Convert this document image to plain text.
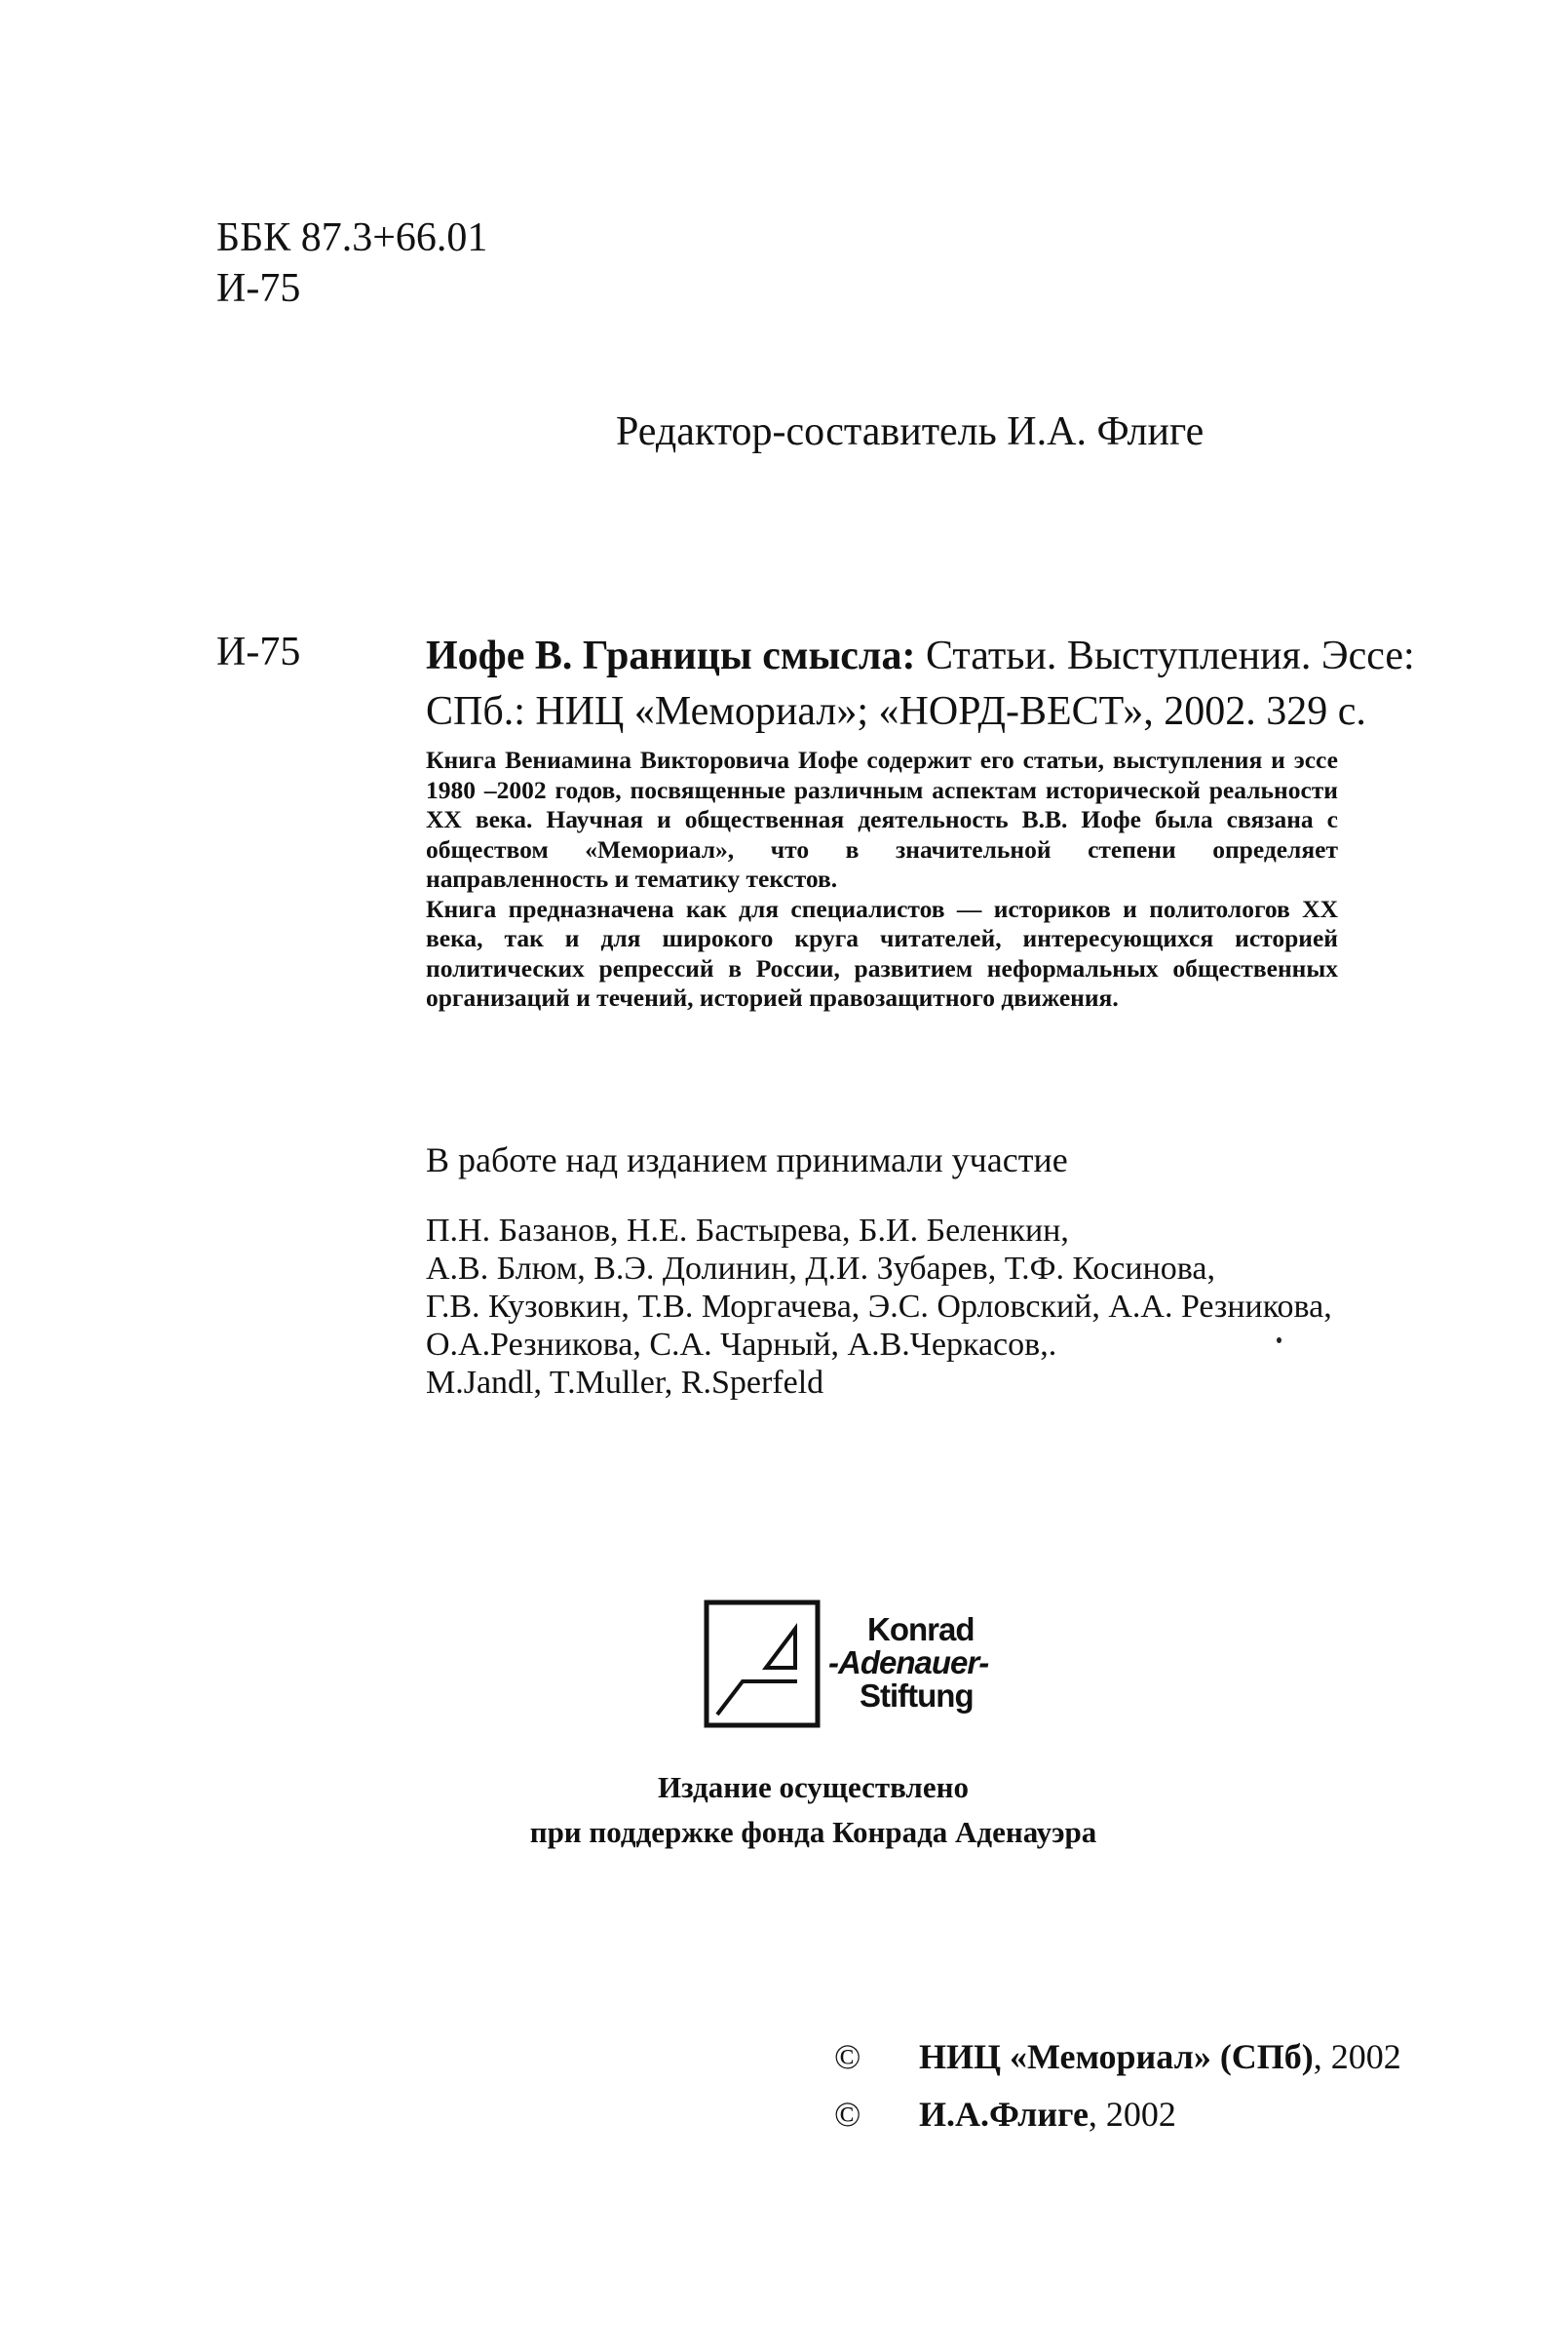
ББК 87.3+66.01
И-75
Редактор-составитель И.А. Флиге
И-75	Иофе В. Границы смысла: Статьи. Выступления. Эссе:
СПб.: НИЦ «Мемориал»; «НОРД-ВЕСТ», 2002. 329 с.

Книга Вениамина Викторовича Иофе содержит его статьи, выступления и эссе 1980 –2002 годов, посвященные различным аспектам исторической реальности XX века. Научная и общественная деятельность В.В. Иофе была связана с обществом «Мемориал», что в значительной степени определяет направленность и тематику текстов.

Книга предназначена как для специалистов — историков и политологов XX века, так и для широкого круга читателей, интересующихся историей политических репрессий в России, развитием неформальных общественных организаций и течений, историей правозащитного движения.

В работе над изданием принимали участие
П.Н. Базанов, Н.Е. Бастырева, Б.И. Беленкин,
А.В. Блюм, В.Э. Долинин, Д.И. Зубарев, Т.Ф. Косинова,
Г.В. Кузовкин, Т.В. Моргачева, Э.С. Орловский, А.А. Резникова,
О.А.Резникова, С.А. Чарный, А.В.Черкасов,.
M.Jandl, T.Muller, R.Sperfeld
Konrad
-Adenauer-
Stiftung
Издание осуществлено
при поддержке фонда Конрада Аденауэра
© НИЦ «Мемориал» (СПб), 2002
© И.А.Флиге, 2002
